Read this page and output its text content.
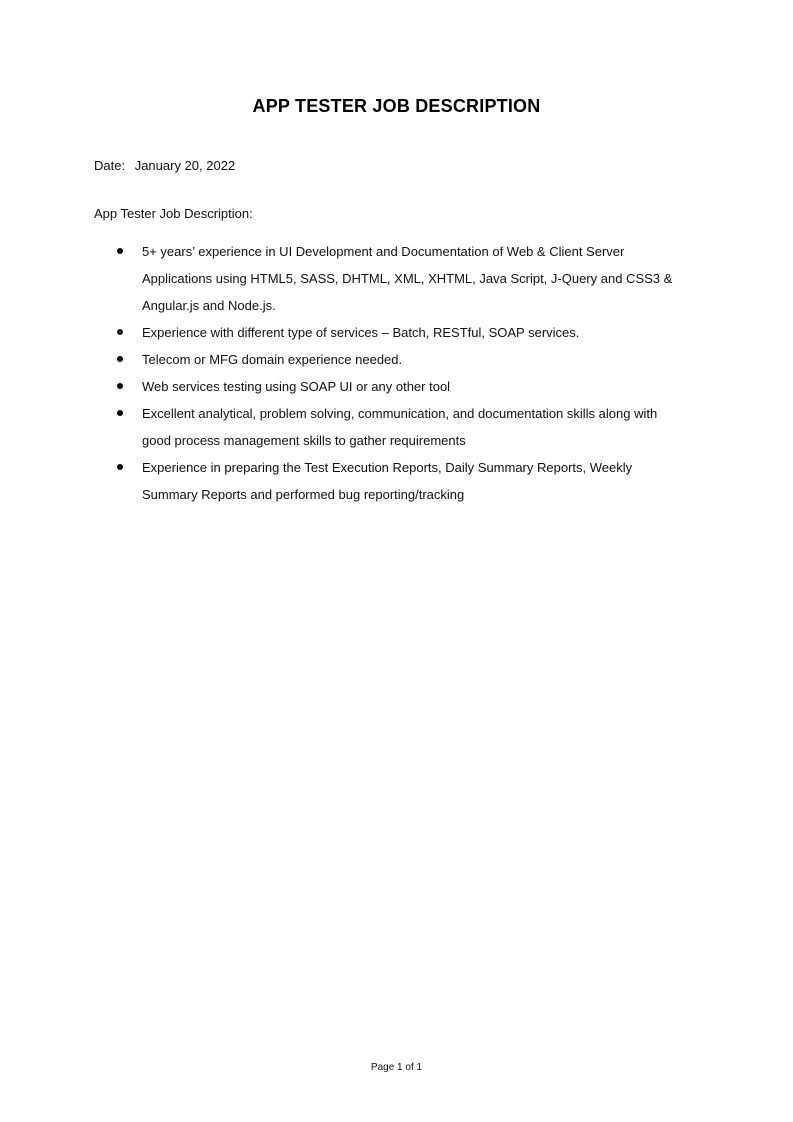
APP TESTER JOB DESCRIPTION
Date: January 20, 2022
App Tester Job Description:
5+ years’ experience in UI Development and Documentation of Web & Client Server Applications using HTML5, SASS, DHTML, XML, XHTML, Java Script, J-Query and CSS3 & Angular.js and Node.js.
Experience with different type of services – Batch, RESTful, SOAP services.
Telecom or MFG domain experience needed.
Web services testing using SOAP UI or any other tool
Excellent analytical, problem solving, communication, and documentation skills along with good process management skills to gather requirements
Experience in preparing the Test Execution Reports, Daily Summary Reports, Weekly Summary Reports and performed bug reporting/tracking
Page 1 of 1
